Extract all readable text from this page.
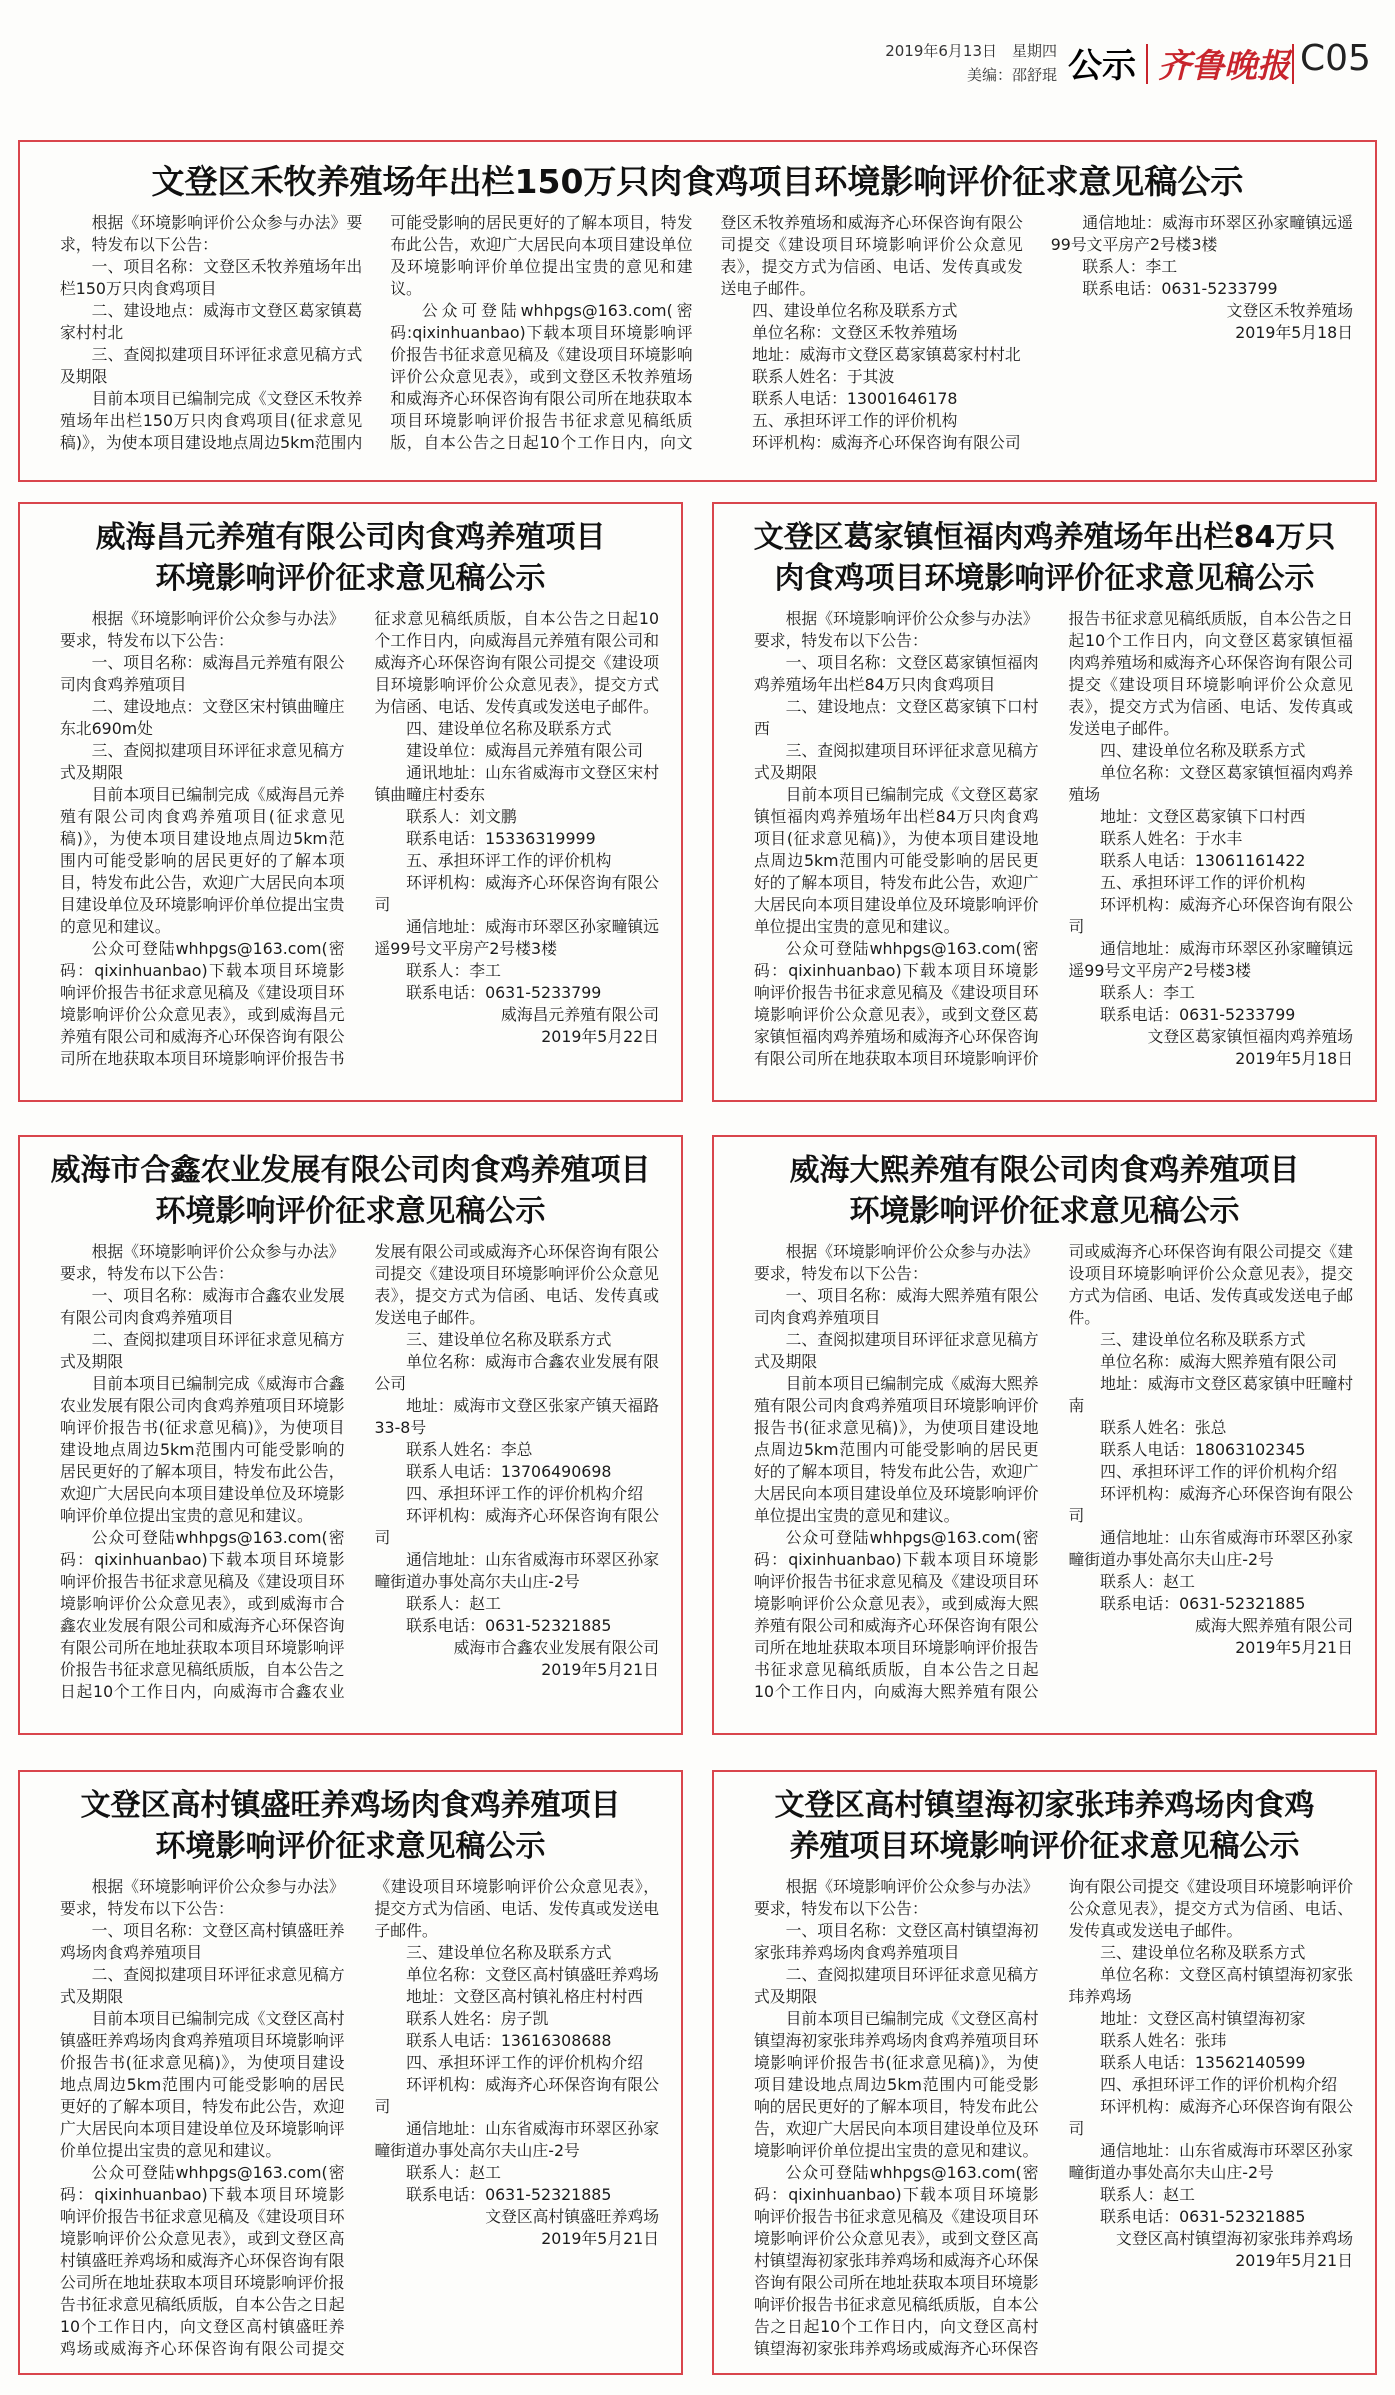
2019年6月13日　星期四
美编：邵舒琨 公示 齐鲁晚报 C05
文登区禾牧养殖场年出栏150万只肉食鸡项目环境影响评价征求意见稿公示

根据《环境影响评价公众参与办法》要求，特发布以下公告：

一、项目名称：文登区禾牧养殖场年出栏150万只肉食鸡项目

二、建设地点：威海市文登区葛家镇葛家村村北

三、查阅拟建项目环评征求意见稿方式及期限

目前本项目已编制完成《文登区禾牧养殖场年出栏150万只肉食鸡项目(征求意见稿)》，为使本项目建设地点周边5km范围内可能受影响的居民更好的了解本项目，特发布此公告，欢迎广大居民向本项目建设单位及环境影响评价单位提出宝贵的意见和建议。

公众可登陆whhpgs@163.com(密码:qixinhuanbao)下载本项目环境影响评价报告书征求意见稿及《建设项目环境影响评价公众意见表》，或到文登区禾牧养殖场和威海齐心环保咨询有限公司所在地获取本项目环境影响评价报告书征求意见稿纸质版，自本公告之日起10个工作日内，向文登区禾牧养殖场和威海齐心环保咨询有限公司提交《建设项目环境影响评价公众意见表》，提交方式为信函、电话、发传真或发送电子邮件。

四、建设单位名称及联系方式

单位名称：文登区禾牧养殖场

地址：威海市文登区葛家镇葛家村村北

联系人姓名：于其波

联系人电话：13001646178

五、承担环评工作的评价机构

环评机构：威海齐心环保咨询有限公司

通信地址：威海市环翠区孙家疃镇远遥99号文平房产2号楼3楼

联系人：李工

联系电话：0631-5233799

文登区禾牧养殖场

2019年5月18日

威海昌元养殖有限公司肉食鸡养殖项目
环境影响评价征求意见稿公示

根据《环境影响评价公众参与办法》要求，特发布以下公告：

一、项目名称：威海昌元养殖有限公司肉食鸡养殖项目

二、建设地点：文登区宋村镇曲疃庄东北690m处

三、查阅拟建项目环评征求意见稿方式及期限

目前本项目已编制完成《威海昌元养殖有限公司肉食鸡养殖项目(征求意见稿)》，为使本项目建设地点周边5km范围内可能受影响的居民更好的了解本项目，特发布此公告，欢迎广大居民向本项目建设单位及环境影响评价单位提出宝贵的意见和建议。

公众可登陆whhpgs@163.com(密码：qixinhuanbao)下载本项目环境影响评价报告书征求意见稿及《建设项目环境影响评价公众意见表》，或到威海昌元养殖有限公司和威海齐心环保咨询有限公司所在地获取本项目环境影响评价报告书征求意见稿纸质版，自本公告之日起10个工作日内，向威海昌元养殖有限公司和威海齐心环保咨询有限公司提交《建设项目环境影响评价公众意见表》，提交方式为信函、电话、发传真或发送电子邮件。

四、建设单位名称及联系方式

建设单位：威海昌元养殖有限公司

通讯地址：山东省威海市文登区宋村镇曲疃庄村委东

联系人：刘文鹏

联系电话：15336319999

五、承担环评工作的评价机构

环评机构：威海齐心环保咨询有限公司

通信地址：威海市环翠区孙家疃镇远遥99号文平房产2号楼3楼

联系人：李工

联系电话：0631-5233799

威海昌元养殖有限公司

2019年5月22日

文登区葛家镇恒福肉鸡养殖场年出栏84万只
肉食鸡项目环境影响评价征求意见稿公示

根据《环境影响评价公众参与办法》要求，特发布以下公告：

一、项目名称：文登区葛家镇恒福肉鸡养殖场年出栏84万只肉食鸡项目

二、建设地点：文登区葛家镇下口村西

三、查阅拟建项目环评征求意见稿方式及期限

目前本项目已编制完成《文登区葛家镇恒福肉鸡养殖场年出栏84万只肉食鸡项目(征求意见稿)》，为使本项目建设地点周边5km范围内可能受影响的居民更好的了解本项目，特发布此公告，欢迎广大居民向本项目建设单位及环境影响评价单位提出宝贵的意见和建议。

公众可登陆whhpgs@163.com(密码：qixinhuanbao)下载本项目环境影响评价报告书征求意见稿及《建设项目环境影响评价公众意见表》，或到文登区葛家镇恒福肉鸡养殖场和威海齐心环保咨询有限公司所在地获取本项目环境影响评价报告书征求意见稿纸质版，自本公告之日起10个工作日内，向文登区葛家镇恒福肉鸡养殖场和威海齐心环保咨询有限公司提交《建设项目环境影响评价公众意见表》，提交方式为信函、电话、发传真或发送电子邮件。

四、建设单位名称及联系方式

单位名称：文登区葛家镇恒福肉鸡养殖场

地址：文登区葛家镇下口村西

联系人姓名：于水丰

联系人电话：13061161422

五、承担环评工作的评价机构

环评机构：威海齐心环保咨询有限公司

通信地址：威海市环翠区孙家疃镇远遥99号文平房产2号楼3楼

联系人：李工

联系电话：0631-5233799

文登区葛家镇恒福肉鸡养殖场

2019年5月18日

威海市合鑫农业发展有限公司肉食鸡养殖项目
环境影响评价征求意见稿公示

根据《环境影响评价公众参与办法》要求，特发布以下公告：

一、项目名称：威海市合鑫农业发展有限公司肉食鸡养殖项目

二、查阅拟建项目环评征求意见稿方式及期限

目前本项目已编制完成《威海市合鑫农业发展有限公司肉食鸡养殖项目环境影响评价报告书(征求意见稿)》，为使项目建设地点周边5km范围内可能受影响的居民更好的了解本项目，特发布此公告，欢迎广大居民向本项目建设单位及环境影响评价单位提出宝贵的意见和建议。

公众可登陆whhpgs@163.com(密码：qixinhuanbao)下载本项目环境影响评价报告书征求意见稿及《建设项目环境影响评价公众意见表》，或到威海市合鑫农业发展有限公司和威海齐心环保咨询有限公司所在地址获取本项目环境影响评价报告书征求意见稿纸质版，自本公告之日起10个工作日内，向威海市合鑫农业发展有限公司或威海齐心环保咨询有限公司提交《建设项目环境影响评价公众意见表》，提交方式为信函、电话、发传真或发送电子邮件。

三、建设单位名称及联系方式

单位名称：威海市合鑫农业发展有限公司

地址：威海市文登区张家产镇天福路33-8号

联系人姓名：李总

联系人电话：13706490698

四、承担环评工作的评价机构介绍

环评机构：威海齐心环保咨询有限公司

通信地址：山东省威海市环翠区孙家疃街道办事处高尔夫山庄-2号

联系人：赵工

联系电话：0631-52321885

威海市合鑫农业发展有限公司

2019年5月21日

威海大熙养殖有限公司肉食鸡养殖项目
环境影响评价征求意见稿公示

根据《环境影响评价公众参与办法》要求，特发布以下公告：

一、项目名称：威海大熙养殖有限公司肉食鸡养殖项目

二、查阅拟建项目环评征求意见稿方式及期限

目前本项目已编制完成《威海大熙养殖有限公司肉食鸡养殖项目环境影响评价报告书(征求意见稿)》，为使项目建设地点周边5km范围内可能受影响的居民更好的了解本项目，特发布此公告，欢迎广大居民向本项目建设单位及环境影响评价单位提出宝贵的意见和建议。

公众可登陆whhpgs@163.com(密码：qixinhuanbao)下载本项目环境影响评价报告书征求意见稿及《建设项目环境影响评价公众意见表》，或到威海大熙养殖有限公司和威海齐心环保咨询有限公司所在地址获取本项目环境影响评价报告书征求意见稿纸质版，自本公告之日起10个工作日内，向威海大熙养殖有限公司或威海齐心环保咨询有限公司提交《建设项目环境影响评价公众意见表》，提交方式为信函、电话、发传真或发送电子邮件。

三、建设单位名称及联系方式

单位名称：威海大熙养殖有限公司

地址：威海市文登区葛家镇中旺疃村南

联系人姓名：张总

联系人电话：18063102345

四、承担环评工作的评价机构介绍

环评机构：威海齐心环保咨询有限公司

通信地址：山东省威海市环翠区孙家疃街道办事处高尔夫山庄-2号

联系人：赵工

联系电话：0631-52321885

威海大熙养殖有限公司

2019年5月21日

文登区高村镇盛旺养鸡场肉食鸡养殖项目
环境影响评价征求意见稿公示

根据《环境影响评价公众参与办法》要求，特发布以下公告：

一、项目名称：文登区高村镇盛旺养鸡场肉食鸡养殖项目

二、查阅拟建项目环评征求意见稿方式及期限

目前本项目已编制完成《文登区高村镇盛旺养鸡场肉食鸡养殖项目环境影响评价报告书(征求意见稿)》，为使项目建设地点周边5km范围内可能受影响的居民更好的了解本项目，特发布此公告，欢迎广大居民向本项目建设单位及环境影响评价单位提出宝贵的意见和建议。

公众可登陆whhpgs@163.com(密码：qixinhuanbao)下载本项目环境影响评价报告书征求意见稿及《建设项目环境影响评价公众意见表》，或到文登区高村镇盛旺养鸡场和威海齐心环保咨询有限公司所在地址获取本项目环境影响评价报告书征求意见稿纸质版，自本公告之日起10个工作日内，向文登区高村镇盛旺养鸡场或威海齐心环保咨询有限公司提交《建设项目环境影响评价公众意见表》，提交方式为信函、电话、发传真或发送电子邮件。

三、建设单位名称及联系方式

单位名称：文登区高村镇盛旺养鸡场

地址：文登区高村镇礼格庄村村西

联系人姓名：房子凯

联系人电话：13616308688

四、承担环评工作的评价机构介绍

环评机构：威海齐心环保咨询有限公司

通信地址：山东省威海市环翠区孙家疃街道办事处高尔夫山庄-2号

联系人：赵工

联系电话：0631-52321885

文登区高村镇盛旺养鸡场

2019年5月21日

文登区高村镇望海初家张玮养鸡场肉食鸡
养殖项目环境影响评价征求意见稿公示

根据《环境影响评价公众参与办法》要求，特发布以下公告：

一、项目名称：文登区高村镇望海初家张玮养鸡场肉食鸡养殖项目

二、查阅拟建项目环评征求意见稿方式及期限

目前本项目已编制完成《文登区高村镇望海初家张玮养鸡场肉食鸡养殖项目环境影响评价报告书(征求意见稿)》，为使项目建设地点周边5km范围内可能受影响的居民更好的了解本项目，特发布此公告，欢迎广大居民向本项目建设单位及环境影响评价单位提出宝贵的意见和建议。

公众可登陆whhpgs@163.com(密码：qixinhuanbao)下载本项目环境影响评价报告书征求意见稿及《建设项目环境影响评价公众意见表》，或到文登区高村镇望海初家张玮养鸡场和威海齐心环保咨询有限公司所在地址获取本项目环境影响评价报告书征求意见稿纸质版，自本公告之日起10个工作日内，向文登区高村镇望海初家张玮养鸡场或威海齐心环保咨询有限公司提交《建设项目环境影响评价公众意见表》，提交方式为信函、电话、发传真或发送电子邮件。

三、建设单位名称及联系方式

单位名称：文登区高村镇望海初家张玮养鸡场

地址：文登区高村镇望海初家

联系人姓名：张玮

联系人电话：13562140599

四、承担环评工作的评价机构介绍

环评机构：威海齐心环保咨询有限公司

通信地址：山东省威海市环翠区孙家疃街道办事处高尔夫山庄-2号

联系人：赵工

联系电话：0631-52321885

文登区高村镇望海初家张玮养鸡场

2019年5月21日
